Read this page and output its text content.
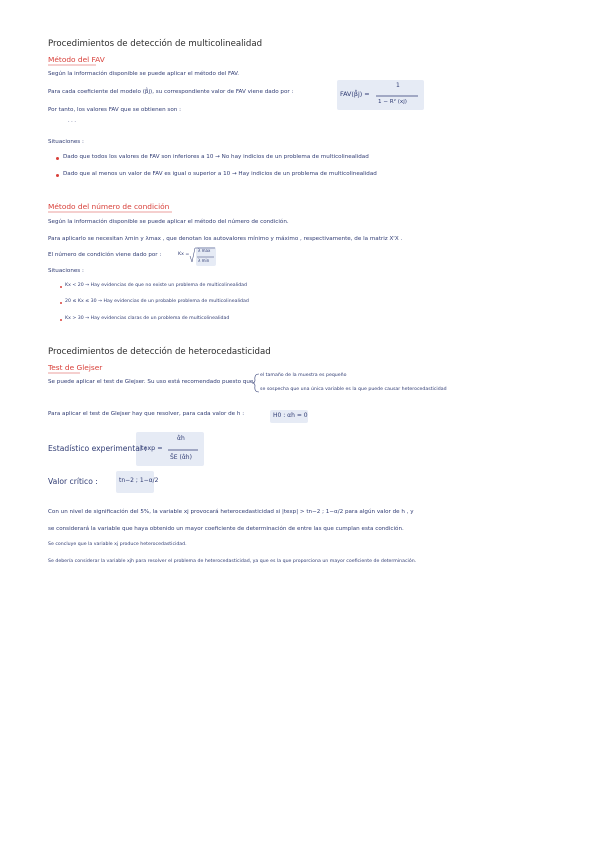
Procedimientos de detección de multicolinealidad
Método del FAV
Según la información disponible se puede aplicar el método del FAV.
Para cada coeficiente del modelo (β̂j), su correspondiente valor de FAV viene dado por :	FAV(β̂j) =
1
1 − R² (xj)
Por tanto, los valores FAV que se obtienen son :
· · ·
Situaciones :
Dado que todos los valores de FAV son inferiores a 10 → No hay indicios de un problema de multicolinealidad
Dado que al menos un valor de FAV es igual o superior a 10 → Hay indicios de un problema de multicolinealidad
Método del número de condición
Según la información disponible se puede aplicar el método del número de condición.
Para aplicarlo se necesitan λmin y λmax , que denotan los autovalores mínimo y máximo , respectivamente, de la matriz X'X .
El número de condición viene dado por :	Kx =
λ max
λ min
Situaciones :
Kx < 20 → Hay evidencias de que no existe un problema de multicolinealidad
20 ≤ Kx ≤ 30 → Hay evidencias de un probable problema de multicolinealidad
Kx > 30 → Hay evidencias claras de un problema de multicolinealidad
Procedimientos de detección de heterocedasticidad
Test de Glejser
Se puede aplicar el test de Glejser. Su uso está recomendado puesto que
el tamaño de la muestra es pequeño
se sospecha que una única variable es la que puede causar heterocedasticidad
Para aplicar el test de Glejser hay que resolver, para cada valor de h :	H0 : αh = 0
Estadístico experimental :
texp =
α̂h
ŜE (α̂h)
Valor crítico :	tn−2 ; 1−α/2
Con un nivel de significación del 5%, la variable xj provocará heterocedasticidad si |texp| > tn−2 ; 1−α/2 para algún valor de h , y
se considerará la variable que haya obtenido un mayor coeficiente de determinación de entre las que cumplan esta condición.
Se concluye que la variable xj produce heterocedasticidad.
Se debería considerar la variable xjh para resolver el problema de heterocedasticidad, ya que es la que proporciona un mayor coeficiente de determinación.
